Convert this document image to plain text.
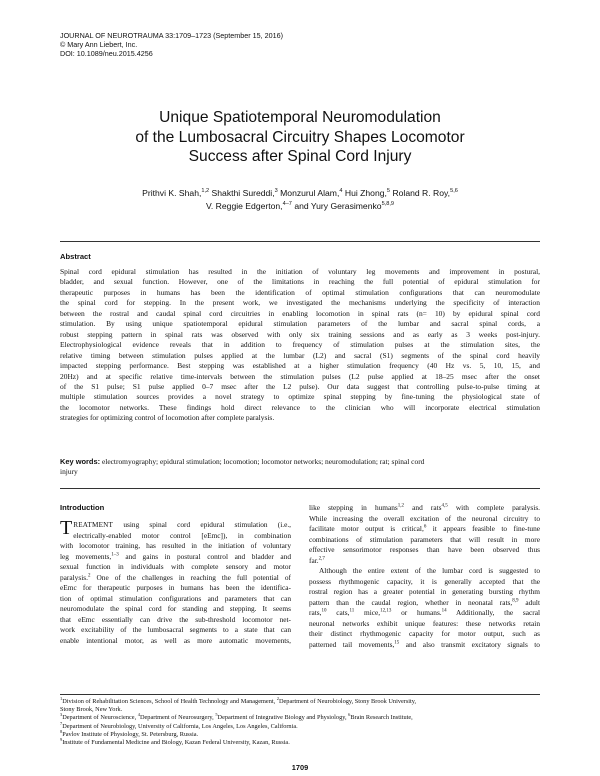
JOURNAL OF NEUROTRAUMA 33:1709–1723 (September 15, 2016)
© Mary Ann Liebert, Inc.
DOI: 10.1089/neu.2015.4256
Unique Spatiotemporal Neuromodulation
of the Lumbosacral Circuitry Shapes Locomotor
Success after Spinal Cord Injury
Prithvi K. Shah,$^{1,2}$ Shakthi Sureddi,$^3$ Monzurul Alam,$^4$ Hui Zhong,$^5$ Roland R. Roy,$^{5,6}$
V. Reggie Edgerton,$^{4-7}$ and Yury Gerasimenko$^{5,8,9}$
Abstract
Spinal cord epidural stimulation has resulted in the initiation of voluntary leg movements and improvement in postural,
bladder, and sexual function. However, one of the limitations in reaching the full potential of epidural stimulation for
therapeutic purposes in humans has been the identification of optimal stimulation configurations that can neuromodulate
the spinal cord for stepping. In the present work, we investigated the mechanisms underlying the specificity of interaction
between the rostral and caudal spinal cord circuitries in enabling locomotion in spinal rats (n= 10) by epidural spinal cord
stimulation. By using unique spatiotemporal epidural stimulation parameters of the lumbar and sacral spinal cords, a
robust stepping pattern in spinal rats was observed with only six training sessions and as early as 3 weeks post-injury.
Electrophysiological evidence reveals that in addition to frequency of stimulation pulses at the stimulation sites, the
relative timing between stimulation pulses applied at the lumbar (L2) and sacral (S1) segments of the spinal cord heavily
impacted stepping performance. Best stepping was established at a higher stimulation frequency (40 Hz vs. 5, 10, 15, and
20Hz) and at specific relative time-intervals between the stimulation pulses (L2 pulse applied at 18–25 msec after the onset
of the S1 pulse; S1 pulse applied 0–7 msec after the L2 pulse). Our data suggest that controlling pulse-to-pulse timing at
multiple stimulation sources provides a novel strategy to optimize spinal stepping by fine-tuning the physiological state of
the locomotor networks. These findings hold direct relevance to the clinician who will incorporate electrical stimulation
strategies for optimizing control of locomotion after complete paralysis.
Key words: electromyography; epidural stimulation; locomotion; locomotor networks; neuromodulation; rat; spinal cord
injury
Introduction
TREATMENT using spinal cord epidural stimulation (i.e.,
electrically-enabled motor control [eEmc]), in combination
with locomotor training, has resulted in the initiation of voluntary
leg movements,$^{1-3}$ and gains in postural control and bladder and
sexual function in individuals with complete sensory and motor
paralysis.$^2$ One of the challenges in reaching the full potential of
eEmc for therapeutic purposes in humans has been the identifica-
tion of optimal stimulation configurations and parameters that can
neuromodulate the spinal cord for standing and stepping. It seems
that eEmc essentially can drive the sub-threshold locomotor net-
work excitability of the lumbosacral segments to a state that can
enable intentional motor, as well as more automatic movements,
like stepping in humans$^{1,2}$ and rats$^{4,5}$ with complete paralysis.
While increasing the overall excitation of the neuronal circuitry to
facilitate motor output is critical,$^6$ it appears feasible to fine-tune
combinations of stimulation parameters that will result in more
effective sensorimotor responses than have been observed thus
far.$^{2,7}$
Although the entire extent of the lumbar cord is suggested to
possess rhythmogenic capacity, it is generally accepted that the
rostral region has a greater potential in generating bursting rhythm
pattern than the caudal region, whether in neonatal rats,$^{8,9}$ adult
rats,$^{10}$ cats,$^{11}$ mice,$^{12,13}$ or humans.$^{14}$ Additionally, the sacral
neuronal networks exhibit unique features: these networks retain
their distinct rhythmogenic capacity for motor output, such as
patterned tail movements,$^{15}$ and also transmit excitatory signals to
$^1$Division of Rehabilitation Sciences, School of Health Technology and Management, $^2$Department of Neurobiology, Stony Brook University,
Stony Brook, New York.
$^3$Department of Neuroscience, $^4$Department of Neurosurgery, $^5$Department of Integrative Biology and Physiology, $^6$Brain Research Institute,
$^7$Department of Neurobiology, University of California, Los Angeles, Los Angeles, California.
$^8$Pavlov Institute of Physiology, St. Petersburg, Russia.
$^9$Institute of Fundamental Medicine and Biology, Kazan Federal University, Kazan, Russia.
1709
